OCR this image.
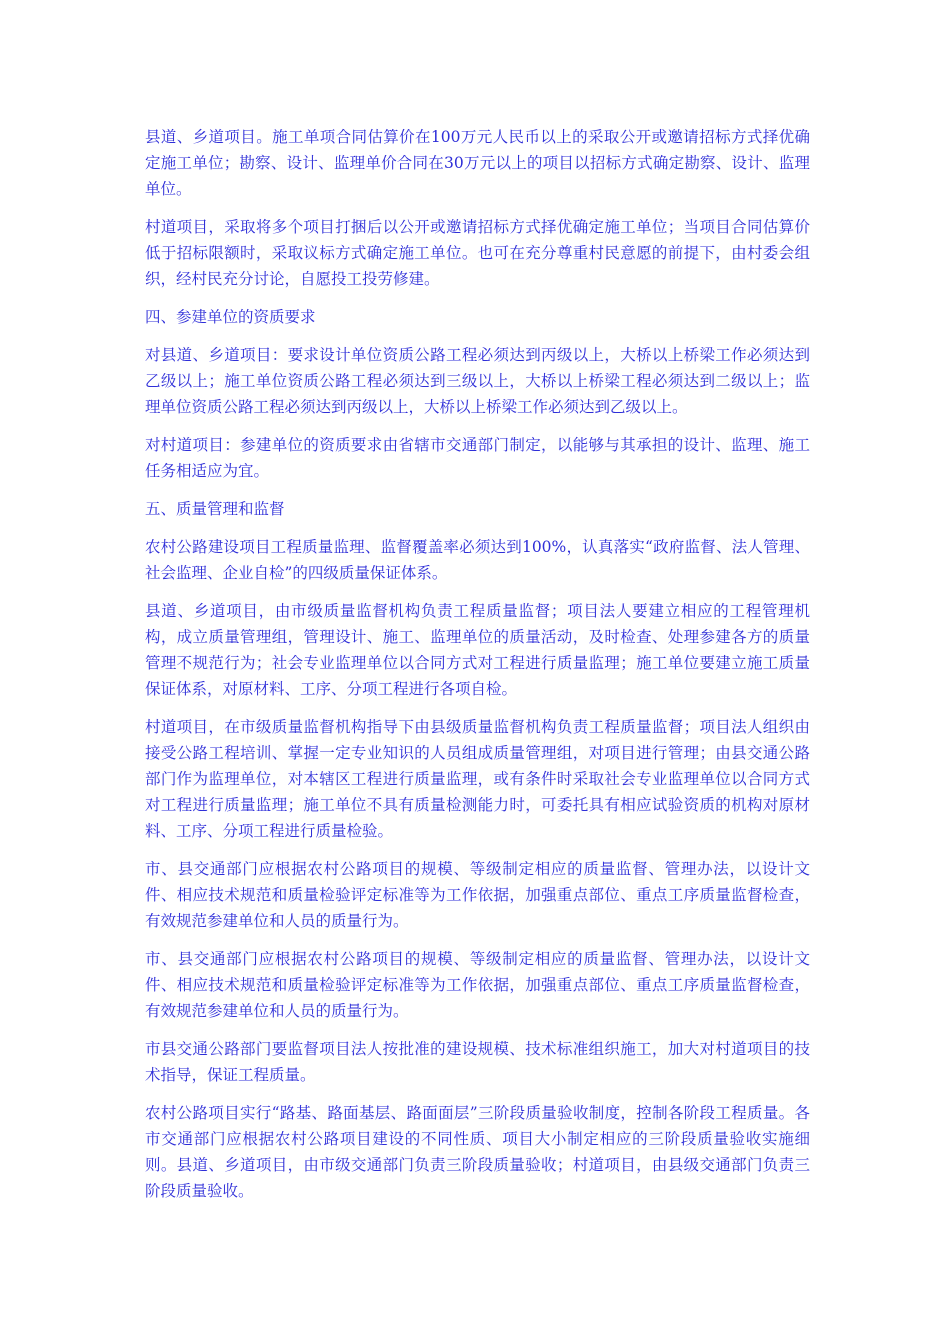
县道、乡道项目。施工单项合同估算价在100万元人民币以上的采取公开或邀请招标方式择优确定施工单位；勘察、设计、监理单价合同在30万元以上的项目以招标方式确定勘察、设计、监理单位。

村道项目，采取将多个项目打捆后以公开或邀请招标方式择优确定施工单位；当项目合同估算价低于招标限额时，采取议标方式确定施工单位。也可在充分尊重村民意愿的前提下，由村委会组织，经村民充分讨论，自愿投工投劳修建。

四、参建单位的资质要求

对县道、乡道项目：要求设计单位资质公路工程必须达到丙级以上，大桥以上桥梁工作必须达到乙级以上；施工单位资质公路工程必须达到三级以上，大桥以上桥梁工程必须达到二级以上；监理单位资质公路工程必须达到丙级以上，大桥以上桥梁工作必须达到乙级以上。

对村道项目：参建单位的资质要求由省辖市交通部门制定，以能够与其承担的设计、监理、施工任务相适应为宜。

五、质量管理和监督

农村公路建设项目工程质量监理、监督覆盖率必须达到100%，认真落实“政府监督、法人管理、社会监理、企业自检”的四级质量保证体系。

县道、乡道项目，由市级质量监督机构负责工程质量监督；项目法人要建立相应的工程管理机构，成立质量管理组，管理设计、施工、监理单位的质量活动，及时检查、处理参建各方的质量管理不规范行为；社会专业监理单位以合同方式对工程进行质量监理；施工单位要建立施工质量保证体系，对原材料、工序、分项工程进行各项自检。

村道项目，在市级质量监督机构指导下由县级质量监督机构负责工程质量监督；项目法人组织由接受公路工程培训、掌握一定专业知识的人员组成质量管理组，对项目进行管理；由县交通公路部门作为监理单位，对本辖区工程进行质量监理，或有条件时采取社会专业监理单位以合同方式对工程进行质量监理；施工单位不具有质量检测能力时，可委托具有相应试验资质的机构对原材料、工序、分项工程进行质量检验。

市、县交通部门应根据农村公路项目的规模、等级制定相应的质量监督、管理办法，以设计文件、相应技术规范和质量检验评定标准等为工作依据，加强重点部位、重点工序质量监督检查，有效规范参建单位和人员的质量行为。

市、县交通部门应根据农村公路项目的规模、等级制定相应的质量监督、管理办法，以设计文件、相应技术规范和质量检验评定标准等为工作依据，加强重点部位、重点工序质量监督检查，有效规范参建单位和人员的质量行为。

市县交通公路部门要监督项目法人按批准的建设规模、技术标准组织施工，加大对村道项目的技术指导，保证工程质量。

农村公路项目实行“路基、路面基层、路面面层”三阶段质量验收制度，控制各阶段工程质量。各市交通部门应根据农村公路项目建设的不同性质、项目大小制定相应的三阶段质量验收实施细则。县道、乡道项目，由市级交通部门负责三阶段质量验收；村道项目，由县级交通部门负责三阶段质量验收。
